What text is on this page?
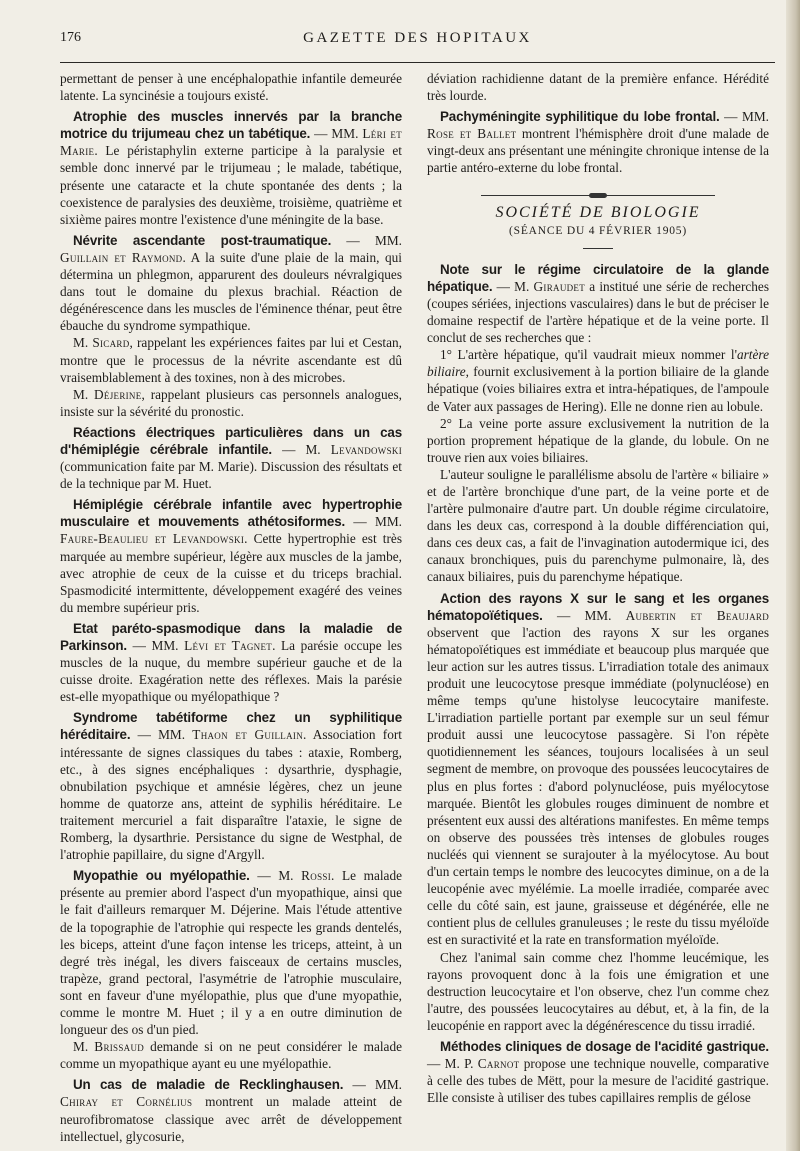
176	GAZETTE DES HOPITAUX

permettant de penser à une encéphalopathie infantile demeurée latente. La syncinésie a toujours existé.

Atrophie des muscles innervés par la branche motrice du trijumeau chez un tabétique. — MM. Léri et Marie. Le péristaphylin externe participe à la paralysie et semble donc innervé par le trijumeau ; le malade, tabétique, présente une cataracte et la chute spontanée des dents ; la coexistence de paralysies des deuxième, troisième, quatrième et sixième paires montre l'existence d'une méningite de la base.

Névrite ascendante post-traumatique. — MM. Guillain et Raymond. A la suite d'une plaie de la main, qui détermina un phlegmon, apparurent des douleurs névralgiques dans tout le domaine du plexus brachial. Réaction de dégénérescence dans les muscles de l'éminence thénar, peut être ébauche du syndrome sympathique.

M. Sicard, rappelant les expériences faites par lui et Cestan, montre que le processus de la névrite ascendante est dû vraisemblablement à des toxines, non à des microbes.

M. Déjerine, rappelant plusieurs cas personnels analogues, insiste sur la sévérité du pronostic.

Réactions électriques particulières dans un cas d'hémiplégie cérébrale infantile. — M. Levandowski (communication faite par M. Marie). Discussion des résultats et de la technique par M. Huet.

Hémiplégie cérébrale infantile avec hypertrophie musculaire et mouvements athétosiformes. — MM. Faure-Beaulieu et Levandowski. Cette hypertrophie est très marquée au membre supérieur, légère aux muscles de la jambe, avec atrophie de ceux de la cuisse et du triceps brachial. Spasmodicité intermittente, développement exagéré des veines du membre supérieur pris.

Etat paréto-spasmodique dans la maladie de Parkinson. — MM. Lévi et Tagnet. La parésie occupe les muscles de la nuque, du membre supérieur gauche et de la cuisse droite. Exagération nette des réflexes. Mais la parésie est-elle myopathique ou myélopathique ?

Syndrome tabétiforme chez un syphilitique héréditaire. — MM. Thaon et Guillain. Association fort intéressante de signes classiques du tabes : ataxie, Romberg, etc., à des signes encéphaliques : dysarthrie, dysphagie, obnubilation psychique et amnésie légères, chez un jeune homme de quatorze ans, atteint de syphilis héréditaire. Le traitement mercuriel a fait disparaître l'ataxie, le signe de Romberg, la dysarthrie. Persistance du signe de Westphal, de l'atrophie papillaire, du signe d'Argyll.

Myopathie ou myélopathie. — M. Rossi. Le malade présente au premier abord l'aspect d'un myopathique, ainsi que le fait d'ailleurs remarquer M. Déjerine. Mais l'étude attentive de la topographie de l'atrophie qui respecte les grands dentelés, les biceps, atteint d'une façon intense les triceps, atteint, à un degré très inégal, les divers faisceaux de certains muscles, trapèze, grand pectoral, l'asymétrie de l'atrophie musculaire, sont en faveur d'une myélopathie, plus que d'une myopathie, comme le montre M. Huet ; il y a en outre diminution de longueur des os d'un pied.

M. Brissaud demande si on ne peut considérer le malade comme un myopathique ayant eu une myélopathie.

Un cas de maladie de Recklinghausen. — MM. Chiray et Cornélius montrent un malade atteint de neurofibromatose classique avec arrêt de développement intellectuel, glycosurie,

déviation rachidienne datant de la première enfance. Hérédité très lourde.

Pachyméningite syphilitique du lobe frontal. — MM. Rose et Ballet montrent l'hémisphère droit d'une malade de vingt-deux ans présentant une méningite chronique intense de la partie antéro-externe du lobe frontal.

SOCIÉTÉ DE BIOLOGIE
(SÉANCE DU 4 FÉVRIER 1905)

Note sur le régime circulatoire de la glande hépatique. — M. Giraudet a institué une série de recherches (coupes sériées, injections vasculaires) dans le but de préciser le domaine respectif de l'artère hépatique et de la veine porte. Il conclut de ses recherches que :

1° L'artère hépatique, qu'il vaudrait mieux nommer l'artère biliaire, fournit exclusivement à la portion biliaire de la glande hépatique (voies biliaires extra et intra-hépatiques, de l'ampoule de Vater aux passages de Hering). Elle ne donne rien au lobule.

2° La veine porte assure exclusivement la nutrition de la portion proprement hépatique de la glande, du lobule. On ne trouve rien aux voies biliaires.

L'auteur souligne le parallélisme absolu de l'artère « biliaire » et de l'artère bronchique d'une part, de la veine porte et de l'artère pulmonaire d'autre part. Un double régime circulatoire, dans les deux cas, correspond à la double différenciation qui, dans ces deux cas, a fait de l'invagination autodermique ici, des canaux bronchiques, puis du parenchyme pulmonaire, là, des canaux biliaires, puis du parenchyme hépatique.

Action des rayons X sur le sang et les organes hématopoïétiques. — MM. Aubertin et Beaujard observent que l'action des rayons X sur les organes hématopoïétiques est immédiate et beaucoup plus marquée que leur action sur les autres tissus. L'irradiation totale des animaux produit une leucocytose presque immédiate (polynucléose) en même temps qu'une histolyse leucocytaire manifeste. L'irradiation partielle portant par exemple sur un seul fémur produit aussi une leucocytose passagère. Si l'on répète quotidiennement les séances, toujours localisées à un seul segment de membre, on provoque des poussées leucocytaires de plus en plus fortes : d'abord polynucléose, puis myélocytose marquée. Bientôt les globules rouges diminuent de nombre et présentent eux aussi des altérations manifestes. En même temps on observe des poussées très intenses de globules rouges nucléés qui viennent se surajouter à la myélocytose. Au bout d'un certain temps le nombre des leucocytes diminue, on a de la leucopénie avec myélémie. La moelle irradiée, comparée avec celle du côté sain, est jaune, graisseuse et dégénérée, elle ne contient plus de cellules granuleuses ; le reste du tissu myéloïde est en suractivité et la rate en transformation myéloïde.

Chez l'animal sain comme chez l'homme leucémique, les rayons provoquent donc à la fois une émigration et une destruction leucocytaire et l'on observe, chez l'un comme chez l'autre, des poussées leucocytaires au début, et, à la fin, de la leucopénie en rapport avec la dégénérescence du tissu irradié.

Méthodes cliniques de dosage de l'acidité gastrique. — M. P. Carnot propose une technique nouvelle, comparative à celle des tubes de Mëtt, pour la mesure de l'acidité gastrique. Elle consiste à utiliser des tubes capillaires remplis de gélose
